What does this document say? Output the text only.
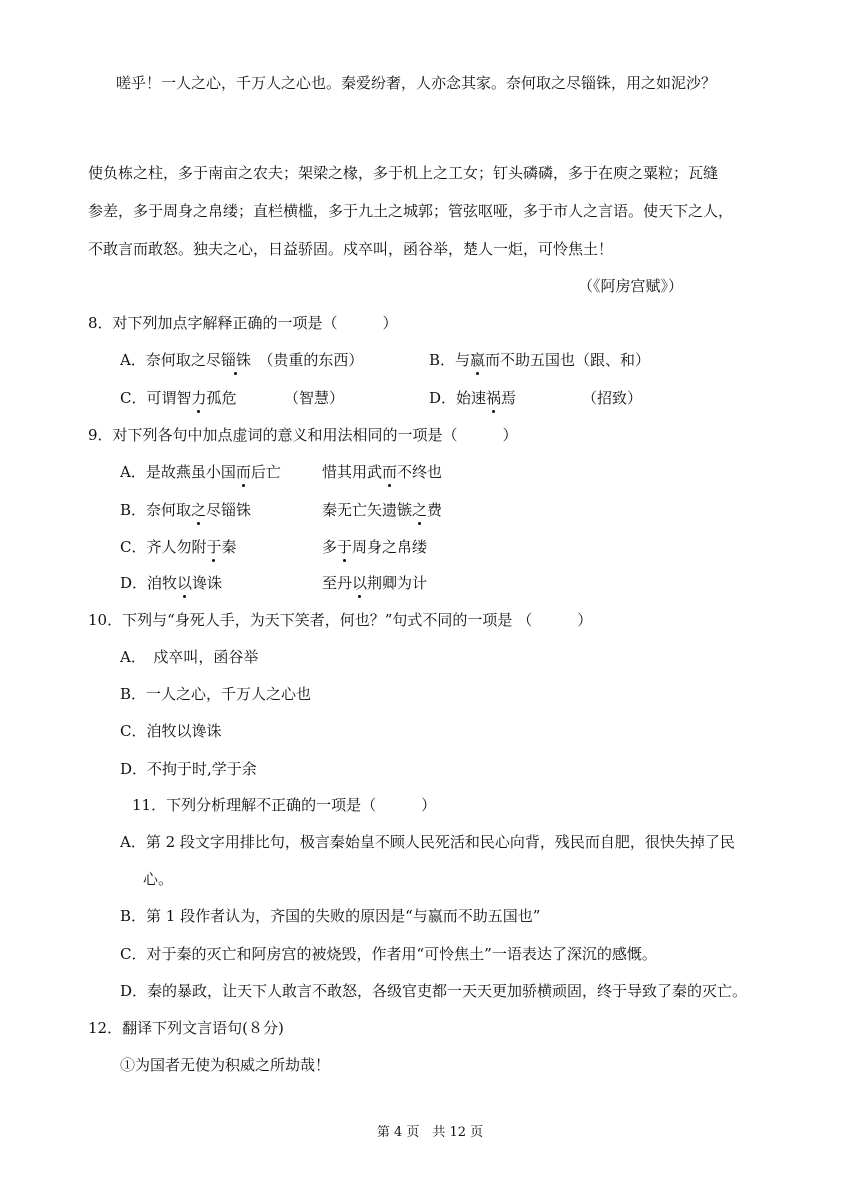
嗟乎！一人之心，千万人之心也。秦爱纷奢，人亦念其家。奈何取之尽锱铢，用之如泥沙？
使负栋之柱，多于南亩之农夫；架梁之椽，多于机上之工女；钉头磷磷，多于在庾之粟粒；瓦缝
参差，多于周身之帛缕；直栏横槛，多于九土之城郭；管弦呕哑，多于市人之言语。使天下之人，
不敢言而敢怒。独夫之心，日益骄固。戍卒叫，函谷举，楚人一炬，可怜焦土！
（《阿房宫赋》）
8．对下列加点字解释正确的一项是（　　　）
A．奈何取之尽锱铢　 （贵重的东西）	B．与嬴而不助五国也（跟、和）
C．可谓智力孤危	（智慧）	D．始速祸焉	（招致）
9．对下列各句中加点虚词的意义和用法相同的一项是（　　　）
A．是故燕虽小国而后亡	惜其用武而不终也
B．奈何取之尽锱铢	秦无亡矢遗镞之费
C．齐人勿附于秦	多于周身之帛缕
D．洎牧以谗诛	至丹以荆卿为计
10．下列与“身死人手，为天下笑者，何也？”句式不同的一项是 （　　　）
A．　戍卒叫，函谷举
B．一人之心，千万人之心也
C．洎牧以谗诛
D．不拘于时,学于余
11．下列分析理解不正确的一项是（　　　）
A．第 2 段文字用排比句，极言秦始皇不顾人民死活和民心向背，残民而自肥，很快失掉了民
心。
B．第 1 段作者认为，齐国的失败的原因是“与嬴而不助五国也”
C．对于秦的灭亡和阿房宫的被烧毁，作者用“可怜焦土”一语表达了深沉的感慨。
D．秦的暴政，让天下人敢言不敢怒，各级官吏都一天天更加骄横顽固，终于导致了秦的灭亡。
12．翻译下列文言语句(８分)
①为国者无使为积威之所劫哉！
第 4 页　共 12 页
